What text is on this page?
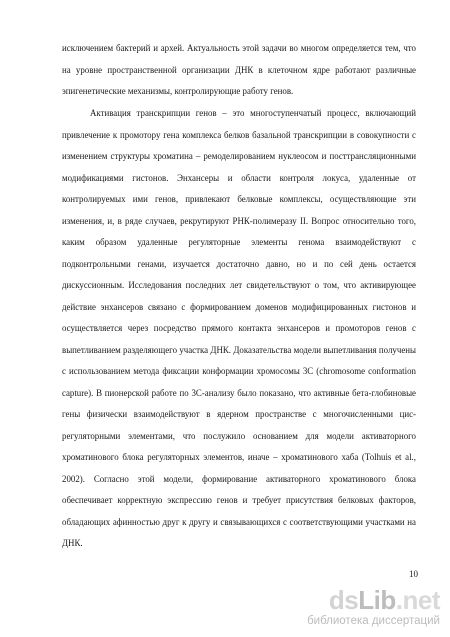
исключением бактерий и архей. Актуальность этой задачи во многом определяется тем, что на уровне пространственной организации ДНК в клеточном ядре работают различные эпигенетические механизмы, контролирующие работу генов.

Активация транскрипции генов – это многоступенчатый процесс, включающий привлечение к промотору гена комплекса белков базальной транскрипции в совокупности с изменением структуры хроматина – ремоделированием нуклеосом и посттрансляционными модификациями гистонов. Энхансеры и области контроля локуса, удаленные от контролируемых ими генов, привлекают белковые комплексы, осуществляющие эти изменения, и, в ряде случаев, рекрутируют РНК-полимеразу II. Вопрос относительно того, каким образом удаленные регуляторные элементы генома взаимодействуют с подконтрольными генами, изучается достаточно давно, но и по сей день остается дискуссионным. Исследования последних лет свидетельствуют о том, что активирующее действие энхансеров связано с формированием доменов модифицированных гистонов и осуществляется через посредство прямого контакта энхансеров и промоторов генов с выпетливанием разделяющего участка ДНК. Доказательства модели выпетливания получены с использованием метода фиксации конформации хромосомы 3С (chromosome conformation capture). В пионерской работе по 3С-анализу было показано, что активные бета-глобиновые гены физически взаимодействуют в ядерном пространстве с многочисленными цис-регуляторными элементами, что послужило основанием для модели активаторного хроматинового блока регуляторных элементов, иначе – хроматинового хаба (Tolhuis et al., 2002). Согласно этой модели, формирование активаторного хроматинового блока обеспечивает корректную экспрессию генов и требует присутствия белковых факторов, обладающих афинностью друг к другу и связывающихся с соответствующими участками на ДНК.

10
dsLib.net
библиотека диссертаций
